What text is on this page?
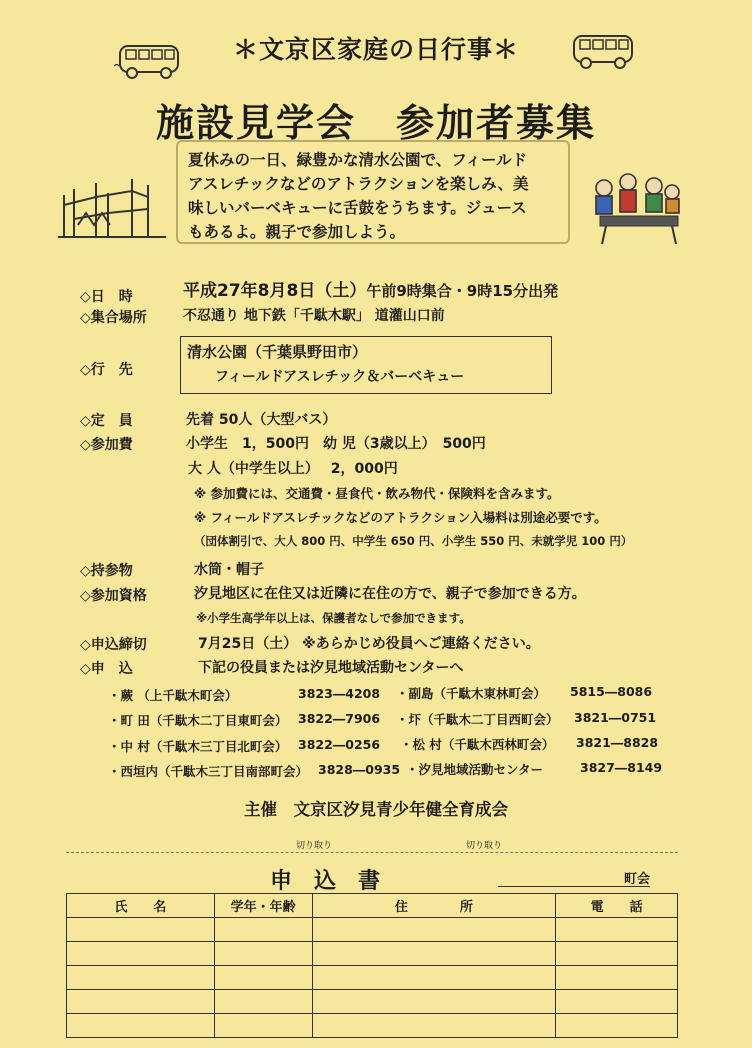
＊文京区家庭の日行事＊
施設見学会　参加者募集
夏休みの一日、緑豊かな清水公園で、フィールド
アスレチックなどのアトラクションを楽しみ、美
味しいバーベキューに舌鼓をうちます。ジュース
もあるよ。親子で参加しよう。
◇日　時	平成27年8月8日（土）午前9時集合・9時15分出発
◇集合場所	不忍通り 地下鉄「千駄木駅」 道灌山口前
◇行　先
清水公園（千葉県野田市）
フィールドアスレチック＆バーベキュー
◇定　員	先着 50人（大型バス）
◇参加費	小学生　1，500円　幼 児（3歳以上）　500円
大 人（中学生以上）　 2，000円
※ 参加費には、交通費・昼食代・飲み物代・保険料を含みます。
※ フィールドアスレチックなどのアトラクション入場料は別途必要です。
（団体割引で、大人 800 円、中学生 650 円、小学生 550 円、未就学児 100 円）
◇持参物	水筒・帽子
◇参加資格	汐見地区に在住又は近隣に在住の方で、親子で参加できる方。
※小学生高学年以上は、保護者なしで参加できます。
◇申込締切	7月25日（土） ※あらかじめ役員へご連絡ください。
◇申　込	下記の役員または汐見地域活動センターへ
・蕨 （上千駄木町会）	3823―4208
・町 田（千駄木二丁目東町会） 3822―7906
・中 村（千駄木三丁目北町会） 3822―0256
・西垣内（千駄木三丁目南部町会） 3828―0935
・副島（千駄木東林町会） 5815―8086
・圷（千駄木二丁目西町会） 3821―0751
・松 村（千駄木西林町会） 3821―8828
・汐見地域活動センター	3827―8149
主催　文京区汐見青少年健全育成会
切り取り	切り取り
申込書	町会
氏　　名	学年・年齢	住　　　　所	電　　話
